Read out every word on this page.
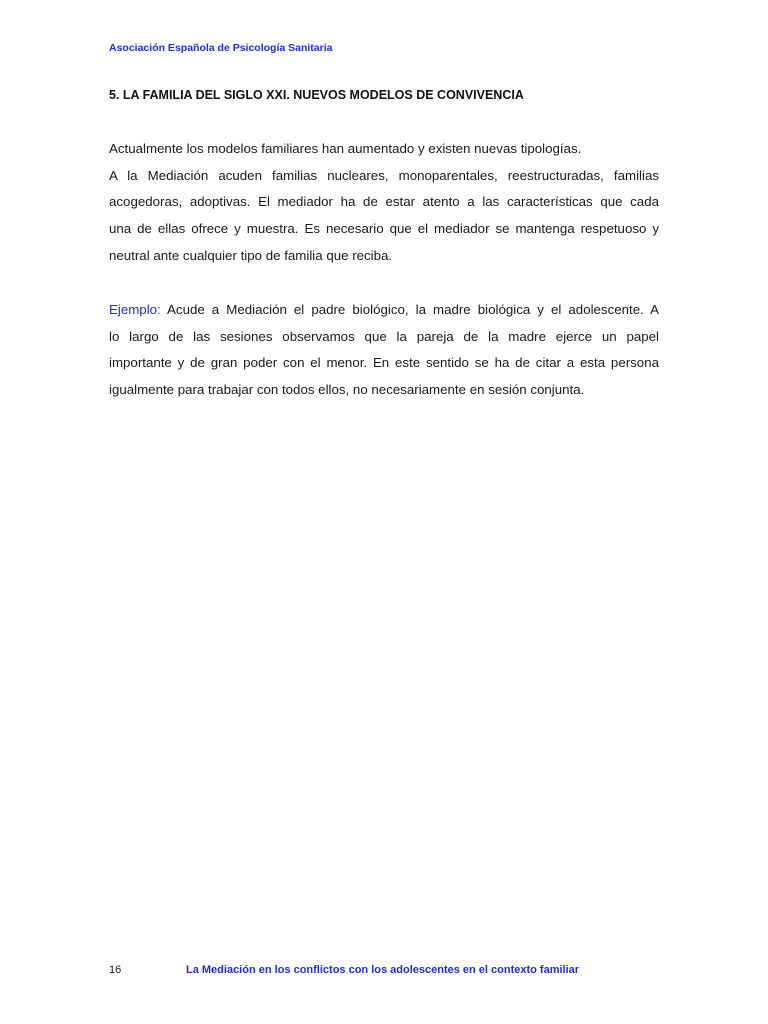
Asociación Española de Psicología Sanitaria
5. LA FAMILIA DEL SIGLO XXI. NUEVOS MODELOS DE CONVIVENCIA
Actualmente los modelos familiares han aumentado y existen nuevas tipologías.
A la Mediación acuden familias nucleares, monoparentales, reestructuradas, familias
acogedoras, adoptivas. El mediador ha de estar atento a las características que cada
una de ellas ofrece y muestra. Es necesario que el mediador se mantenga respetuoso y
neutral ante cualquier tipo de familia que reciba.
Ejemplo: Acude a Mediación el padre biológico, la madre biológica y el adolescente. A
lo largo de las sesiones observamos que la pareja de la madre ejerce un papel
importante y de gran poder con el menor. En este sentido se ha de citar a esta persona
igualmente para trabajar con todos ellos, no necesariamente en sesión conjunta.
16	La Mediación en los conflictos con los adolescentes en el contexto familiar
